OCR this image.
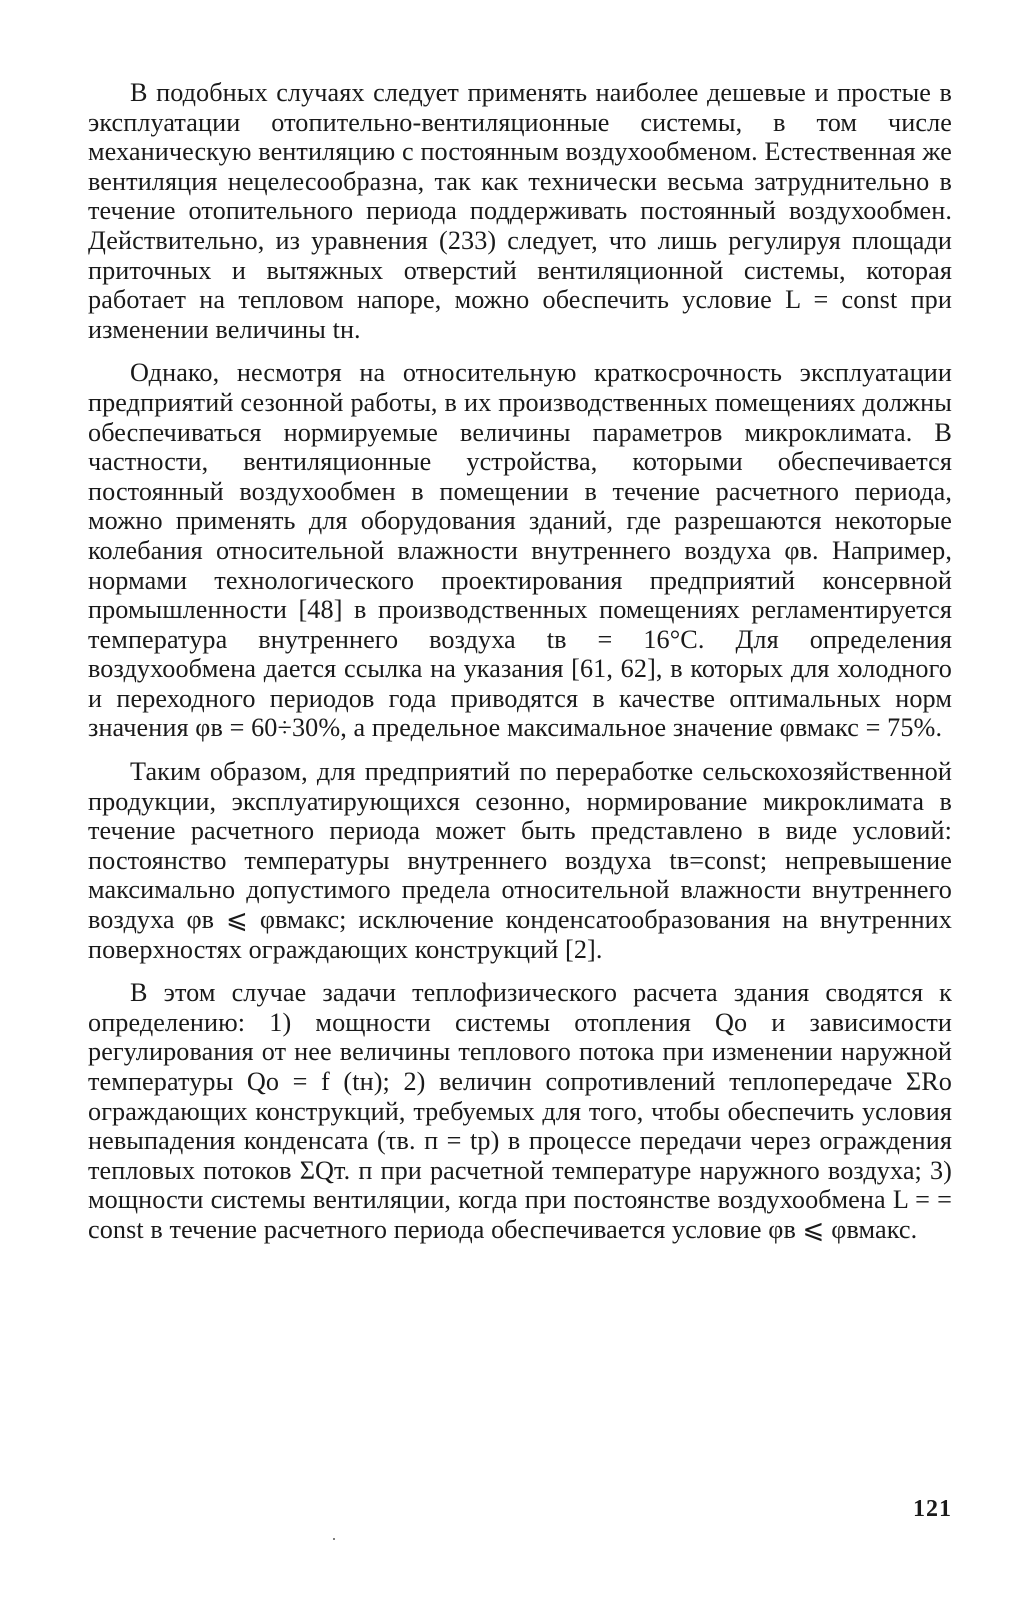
В подобных случаях следует применять наиболее дешевые и простые в эксплуатации отопительно-вентиляционные системы, в том числе механическую вентиляцию с постоянным воздухообменом. Естественная же вентиляция нецелесообразна, так как технически весьма затруднительно в течение отопительного периода поддерживать постоянный воздухообмен. Действительно, из уравнения (233) следует, что лишь регулируя площади приточных и вытяжных отверстий вентиляционной системы, которая работает на тепловом напоре, можно обеспечить условие L = const при изменении величины tн.

Однако, несмотря на относительную краткосрочность эксплуатации предприятий сезонной работы, в их производственных помещениях должны обеспечиваться нормируемые величины параметров микроклимата. В частности, вентиляционные устройства, которыми обеспечивается постоянный воздухообмен в помещении в течение расчетного периода, можно применять для оборудования зданий, где разрешаются некоторые колебания относительной влажности внутреннего воздуха φв. Например, нормами технологического проектирования предприятий консервной промышленности [48] в производственных помещениях регламентируется температура внутреннего воздуха tв = 16°С. Для определения воздухообмена дается ссылка на указания [61, 62], в которых для холодного и переходного периодов года приводятся в качестве оптимальных норм значения φв = 60÷30%, а предельное максимальное значение φвмакс = 75%.

Таким образом, для предприятий по переработке сельскохозяйственной продукции, эксплуатирующихся сезонно, нормирование микроклимата в течение расчетного периода может быть представлено в виде условий: постоянство температуры внутреннего воздуха tв=const; непревышение максимально допустимого предела относительной влажности внутреннего воздуха φв ⩽ φвмакс; исключение конденсатообразования на внутренних поверхностях ограждающих конструкций [2].

В этом случае задачи теплофизического расчета здания сводятся к определению: 1) мощности системы отопления Qо и зависимости регулирования от нее величины теплового потока при изменении наружной температуры Qо = f (tн); 2) величин сопротивлений теплопередаче ΣRо ограждающих конструкций, требуемых для того, чтобы обеспечить условия невыпадения конденсата (τв. п = tр) в процессе передачи через ограждения тепловых потоков ΣQт. п при расчетной температуре наружного воздуха; 3) мощности системы вентиляции, когда при постоянстве воздухообмена L = = const в течение расчетного периода обеспечивается условие φв ⩽ φвмакс.

121
